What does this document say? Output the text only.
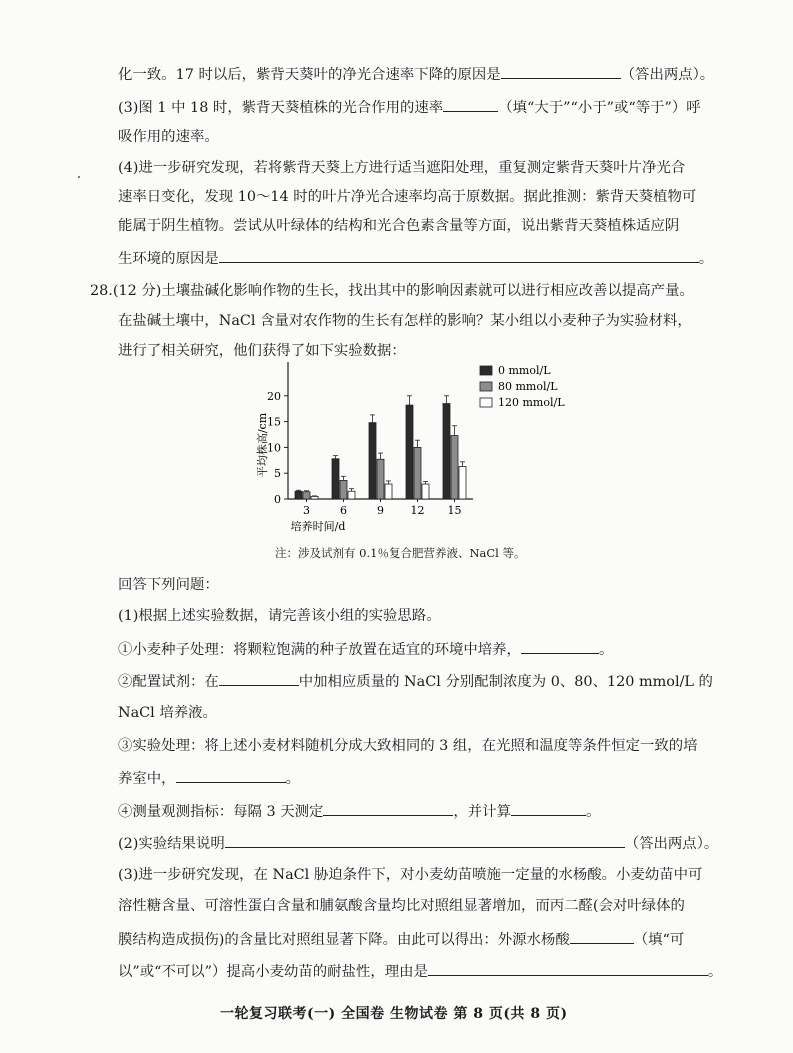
化一致。17 时以后，紫背天葵叶的净光合速率下降的原因是	（答出两点）。
(3)图 1 中 18 时，紫背天葵植株的光合作用的速率	（填“大于”“小于”或“等于”）呼
吸作用的速率。
(4)进一步研究发现，若将紫背天葵上方进行适当遮阳处理，重复测定紫背天葵叶片净光合
速率日变化，发现 10～14 时的叶片净光合速率均高于原数据。据此推测：紫背天葵植物可
能属于阴生植物。尝试从叶绿体的结构和光合色素含量等方面，说出紫背天葵植株适应阴
生环境的原因是	。
28.(12 分)土壤盐碱化影响作物的生长，找出其中的影响因素就可以进行相应改善以提高产量。
在盐碱土壤中，NaCl 含量对农作物的生长有怎样的影响？某小组以小麦种子为实验材料，
进行了相关研究，他们获得了如下实验数据：
0
5
10
15
20
3	6	9 12 15
0 mmol/L
80 mmol/L
120 mmol/L
培养时间/d
平均株高/cm
注：涉及试剂有 0.1％复合肥营养液、NaCl 等。
回答下列问题：
(1)根据上述实验数据，请完善该小组的实验思路。
①小麦种子处理：将颗粒饱满的种子放置在适宜的环境中培养，	。
②配置试剂：在	中加相应质量的 NaCl 分别配制浓度为 0、80、120 mmol/L 的
NaCl 培养液。
③实验处理：将上述小麦材料随机分成大致相同的 3 组，在光照和温度等条件恒定一致的培
养室中，	。
④测量观测指标：每隔 3 天测定	，并计算	。
(2)实验结果说明	（答出两点）。
(3)进一步研究发现，在 NaCl 胁迫条件下，对小麦幼苗喷施一定量的水杨酸。小麦幼苗中可
溶性糖含量、可溶性蛋白含量和脯氨酸含量均比对照组显著增加，而丙二醛(会对叶绿体的
膜结构造成损伤)的含量比对照组显著下降。由此可以得出：外源水杨酸	（填“可
以”或“不可以”）提高小麦幼苗的耐盐性，理由是	。
一轮复习联考(一) 全国卷 生物试卷 第 8 页(共 8 页)
